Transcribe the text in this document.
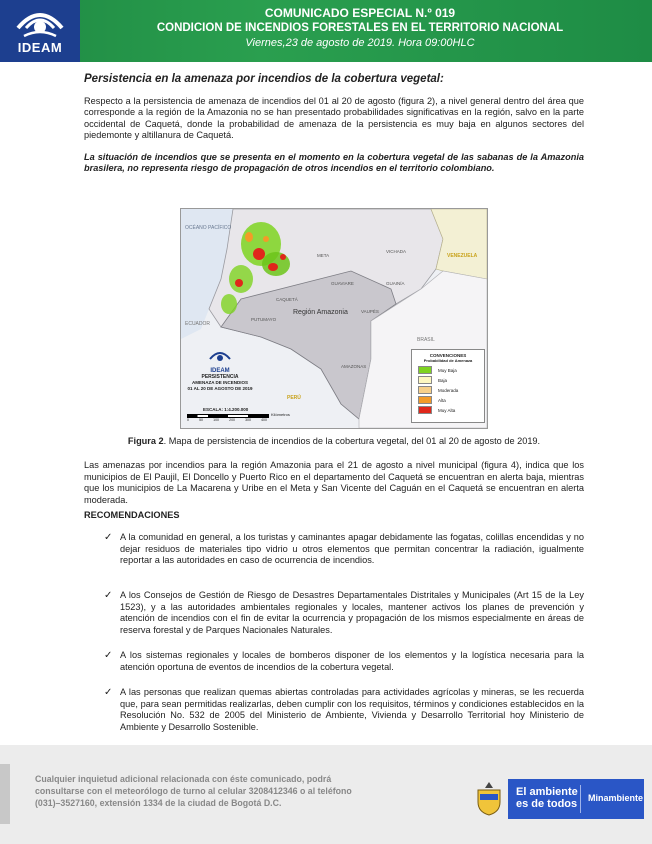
IDEAM
COMUNICADO ESPECIAL N.º 019
CONDICION DE INCENDIOS FORESTALES EN EL TERRITORIO NACIONAL
Viernes,23 de agosto de 2019. Hora 09:00HLC
Persistencia en la amenaza por incendios de la cobertura vegetal:
Respecto a la persistencia de amenaza de incendios del 01 al 20 de agosto (figura 2), a nivel general dentro del área que corresponde a la región de la Amazonia no se han presentado probabilidades significativas en la región, salvo en la parte occidental de Caquetá, donde la probabilidad de amenaza de la persistencia es muy baja en algunos sectores del piedemonte y altillanura de Caquetá.
La situación de incendios que se presenta en el momento en la cobertura vegetal de las sabanas de la Amazonia brasilera, no representa riesgo de propagación de otros incendios en el territorio colombiano.
OCÉANO PACÍFICO
VENEZUELA
Región Amazonia
BRASIL
PERÚ
ECUADOR
META
GUAVIARE
CAQUETÁ
PUTUMAYO
AMAZONAS
VAUPÉS
GUAINÍA
VICHADA
IDEAM
PERSISTENCIA
AMENAZA DE INCENDIOS
01 AL 20 DE AGOSTO DE 2019
ESCALA: 1:4.200.000
0	50	100	200	300	400
Kilómetros
CONVENCIONES
Probabilidad de Amenaza
Muy Baja
Baja
Moderada
Alta
Muy Alta
Figura 2. Mapa de persistencia de incendios de la cobertura vegetal, del 01 al 20 de agosto de 2019.
Las amenazas por incendios para la región Amazonia para el 21 de agosto a nivel municipal (figura 4), indica que los municipios de El Paujil, El Doncello y Puerto Rico en el departamento del Caquetá se encuentran en alerta baja, mientras que los municipios de La Macarena y Uribe en el Meta y San Vicente del Caguán en el Caquetá se encuentran en alerta moderada.
RECOMENDACIONES
✓ A la comunidad en general, a los turistas y caminantes apagar debidamente las fogatas, colillas encendidas y no dejar residuos de materiales tipo vidrio u otros elementos que permitan concentrar la radiación, igualmente reportar a las autoridades en caso de ocurrencia de incendios.
✓ A los Consejos de Gestión de Riesgo de Desastres Departamentales Distritales y Municipales (Art 15 de la Ley 1523), y a las autoridades ambientales regionales y locales, mantener activos los planes de prevención y atención de incendios con el fin de evitar la ocurrencia y propagación de los mismos especialmente en áreas de reserva forestal y de Parques Nacionales Naturales.
✓ A los sistemas regionales y locales de bomberos disponer de los elementos y la logística necesaria para la atención oportuna de eventos de incendios de la cobertura vegetal.
✓ A las personas que realizan quemas abiertas controladas para actividades agrícolas y mineras, se les recuerda que, para sean permitidas realizarlas, deben cumplir con los requisitos, términos y condiciones establecidos en la Resolución No. 532 de 2005 del Ministerio de Ambiente, Vivienda y Desarrollo Territorial hoy Ministerio de Ambiente y Desarrollo Sostenible.
Cualquier inquietud adicional relacionada con éste comunicado, podrá consultarse con el meteorólogo de turno al celular 3208412346 o al teléfono (031)–3527160, extensión 1334 de la ciudad de Bogotá D.C.
El ambiente
es de todos Minambiente
